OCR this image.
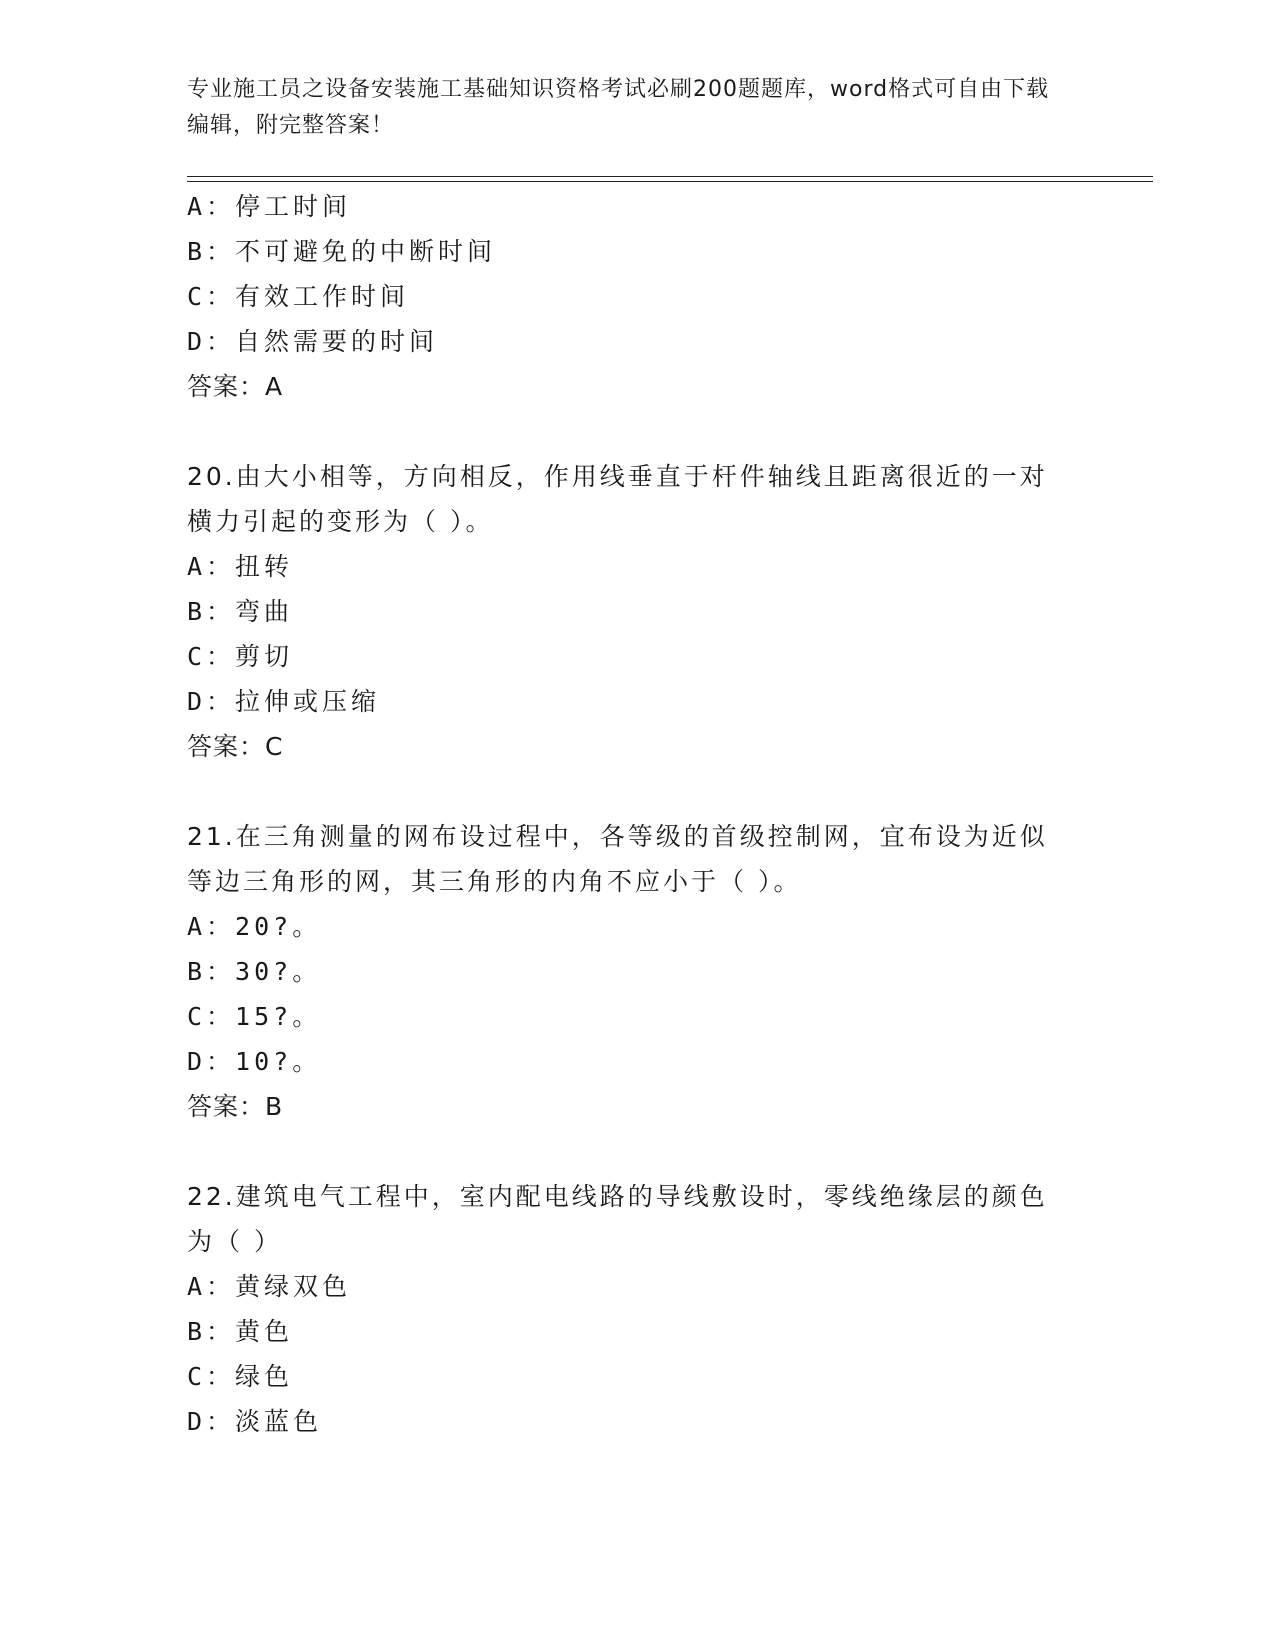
专业施工员之设备安装施工基础知识资格考试必刷200题题库，word格式可自由下载编辑，附完整答案！
A：停工时间
B：不可避免的中断时间
C：有效工作时间
D：自然需要的时间
答案：A
20.由大小相等，方向相反，作用线垂直于杆件轴线且距离很近的一对
横力引起的变形为（ ）。
A：扭转
B：弯曲
C：剪切
D：拉伸或压缩
答案：C
21.在三角测量的网布设过程中，各等级的首级控制网，宜布设为近似
等边三角形的网，其三角形的内角不应小于（ ）。
A：20?。
B：30?。
C：15?。
D：10?。
答案：B
22.建筑电气工程中，室内配电线路的导线敷设时，零线绝缘层的颜色
为（ ）
A：黄绿双色
B：黄色
C：绿色
D：淡蓝色
